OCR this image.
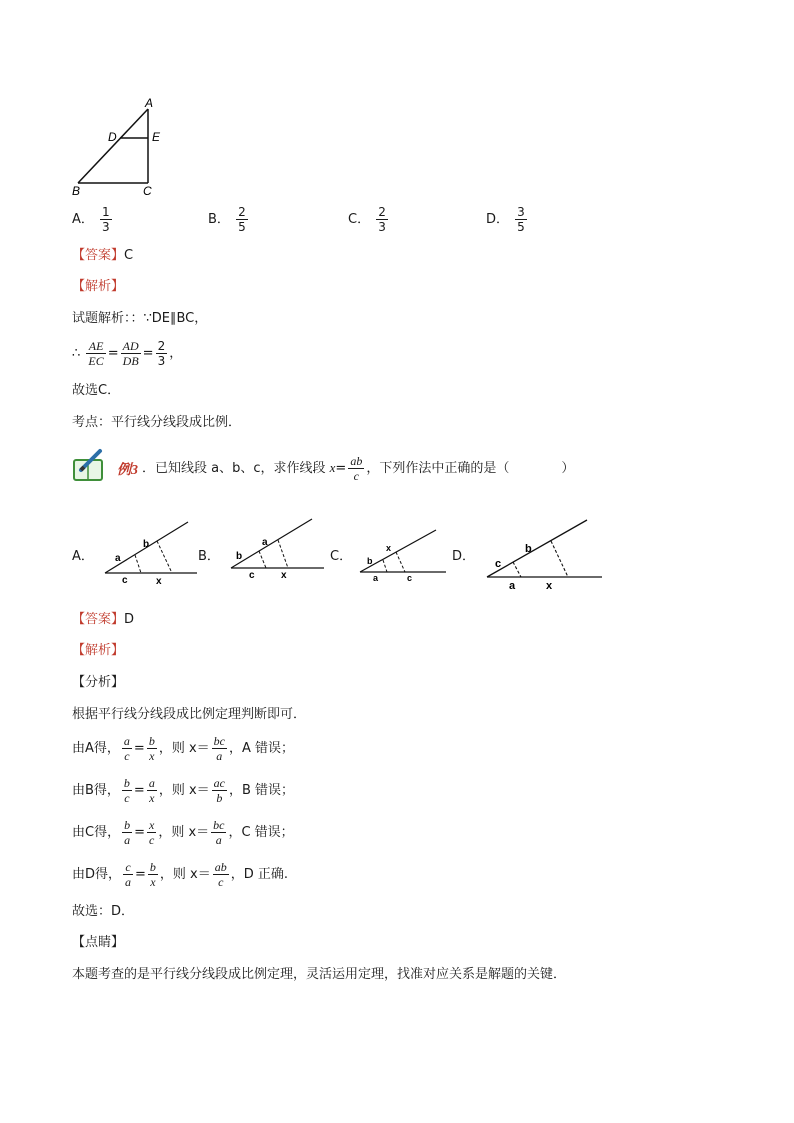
A
D	E
B	C
A． $\frac{1}{3}$	B． $\frac{2}{5}$	C． $\frac{2}{3}$	D． $\frac{3}{5}$
【答案】C
【解析】
试题解析：：∵DE∥BC，
∴ $\frac{AE}{EC} = \frac{AD}{DB} = \frac{2}{3}$ ，
故选C．
考点：平行线分线段成比例．
例3 ．已知线段 a、b、c，求作线段 $x= \frac{ab}{c}$ ，下列作法中正确的是（　　　　）
A． a
b
c	x
B． b
a
c	x
C． b
x
a	c
D． c
b
a	x
【答案】D
【解析】
【分析】
根据平行线分线段成比例定理判断即可．
由A得， $\frac{a}{c} = \frac{b}{x}$ ，则 $x= \frac{bc}{a}$ ，A 错误；
由B得， $\frac{b}{c} = \frac{a}{x}$ ，则 $x= \frac{ac}{b}$ ，B 错误；
由C得， $\frac{b}{a} = \frac{x}{c}$ ，则 $x= \frac{bc}{a}$ ，C 错误；
由D得， $\frac{c}{a} = \frac{b}{x}$ ，则 $x= \frac{ab}{c}$ ，D 正确.
故选：D．
【点睛】
本题考查的是平行线分线段成比例定理，灵活运用定理，找准对应关系是解题的关键．
